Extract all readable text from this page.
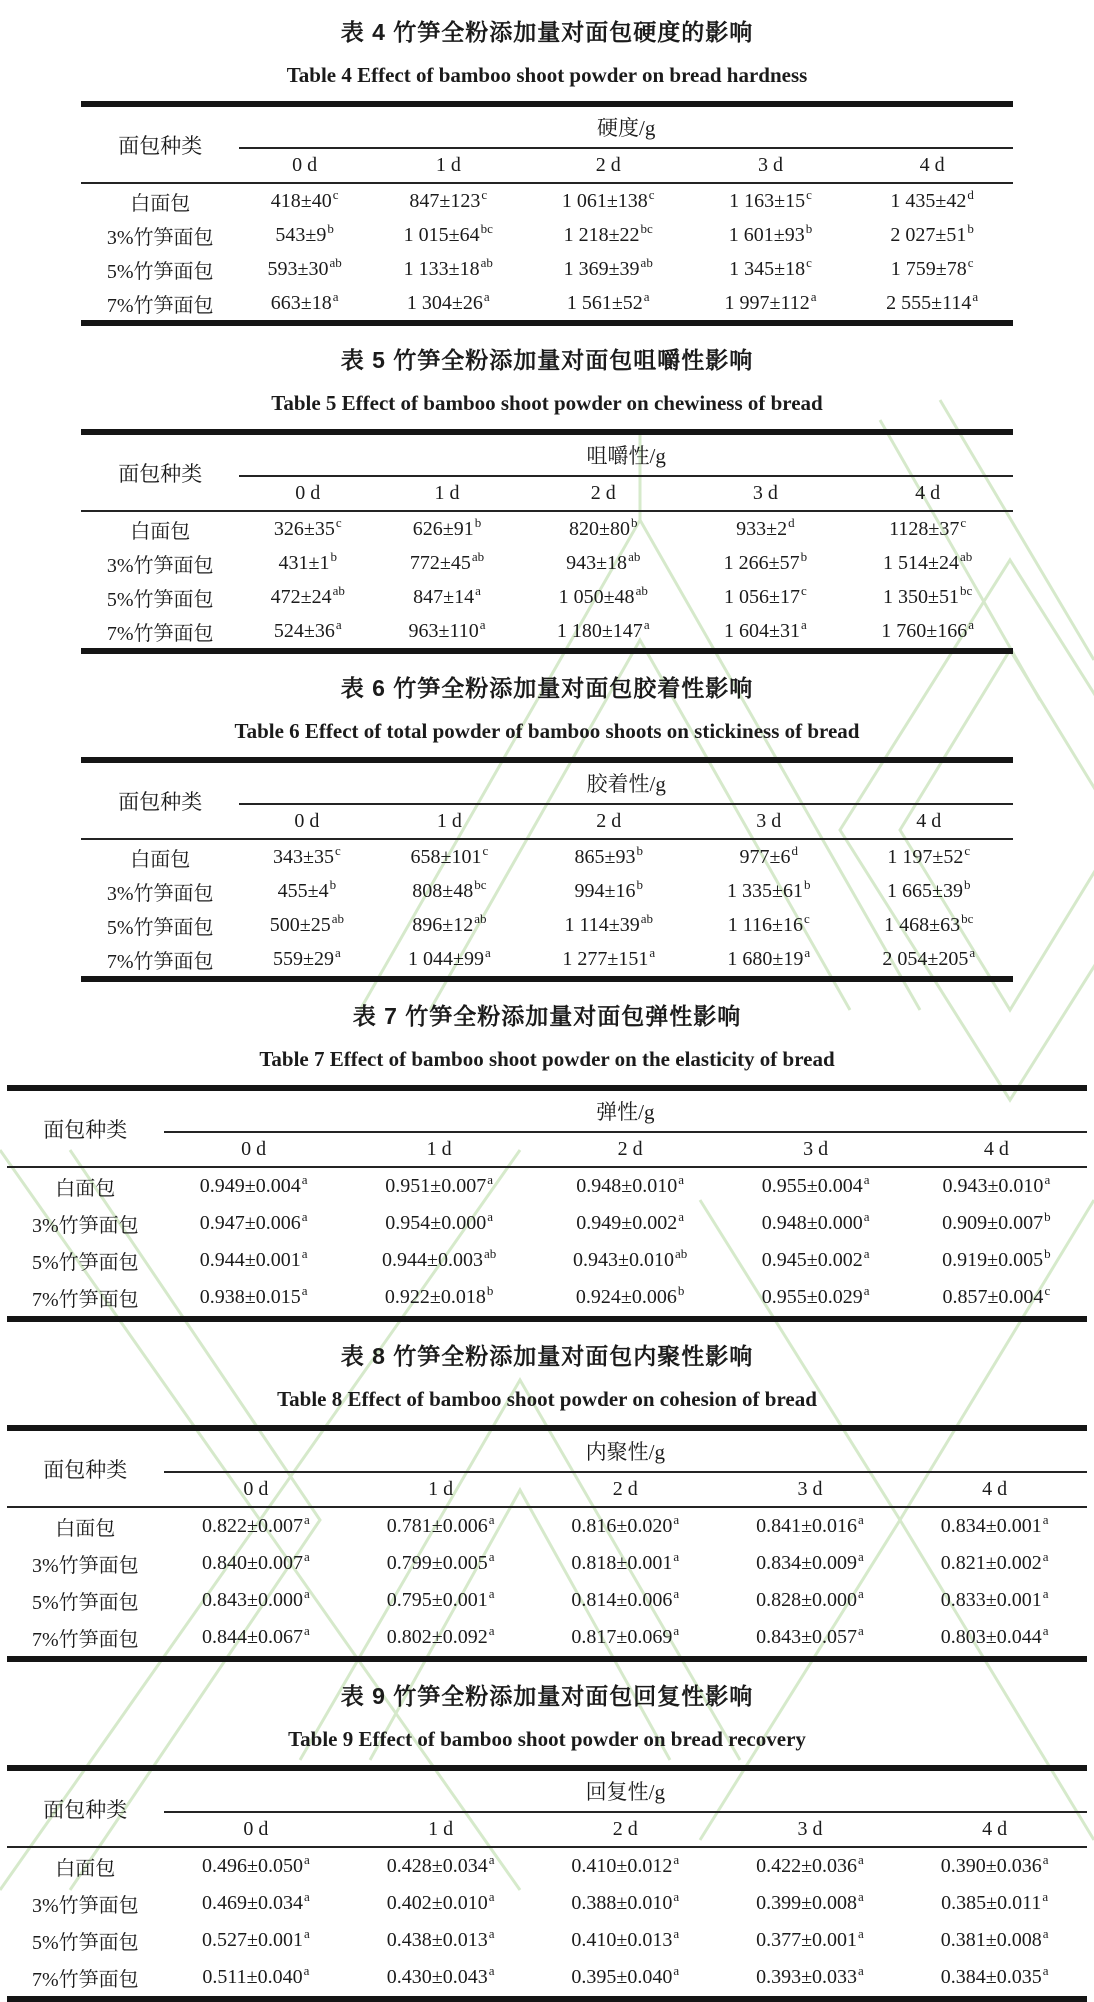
表 4 竹笋全粉添加量对面包硬度的影响
Table 4 Effect of bamboo shoot powder on bread hardness
面包种类	硬度/g				
	0 d	1 d	2 d	3 d	4 d
白面包	$418\pm 40^c$	$847\pm 123^c$	1 $061\pm 138^c$	1 $163\pm 15^c$	1 $435\pm 42^d$
3%竹笋面包	$543\pm 9^b$	1 $015\pm 64^{bc}$	1 $218\pm 22^{bc}$	1 $601\pm 93^b$	2 $027\pm 51^b$
5%竹笋面包	$593\pm 30^{ab}$	1 $133\pm 18^{ab}$	1 $369\pm 39^{ab}$	1 $345\pm 18^c$	1 $759\pm 78^c$
7%竹笋面包	$663\pm 18^a$	1 $304\pm 26^a$	1 $561\pm 52^a$	1 $997\pm 112^a$	2 $555\pm 114^a$
表 5 竹笋全粉添加量对面包咀嚼性影响
Table 5 Effect of bamboo shoot powder on chewiness of bread
面包种类	咀嚼性/g				
	0 d	1 d	2 d	3 d	4 d
白面包	$326\pm 35^c$	$626\pm 91^b$	$820\pm 80^b$	$933\pm 2^d$	$1128\pm 37^c$
3%竹笋面包	$431\pm 1^b$	$772\pm 45^{ab}$	$943\pm 18^{ab}$	1 $266\pm 57^b$	1 $514\pm 24^{ab}$
5%竹笋面包	$472\pm 24^{ab}$	$847\pm 14^a$	1 $050\pm 48^{ab}$	1 $056\pm 17^c$	1 $350\pm 51^{bc}$
7%竹笋面包	$524\pm 36^a$	$963\pm 110^a$	1 $180\pm 147^a$	1 $604\pm 31^a$	1 $760\pm 166^a$
表 6 竹笋全粉添加量对面包胶着性影响
Table 6 Effect of total powder of bamboo shoots on stickiness of bread
面包种类	胶着性/g				
	0 d	1 d	2 d	3 d	4 d
白面包	$343\pm 35^c$	$658\pm 101^c$	$865\pm 93^b$	$977\pm 6^d$	1 $197\pm 52^c$
3%竹笋面包	$455\pm 4^b$	$808\pm 48^{bc}$	$994\pm 16^b$	1 $335\pm 61^b$	1 $665\pm 39^b$
5%竹笋面包	$500\pm 25^{ab}$	$896\pm 12^{ab}$	1 $114\pm 39^{ab}$	1 $116\pm 16^c$	1 $468\pm 63^{bc}$
7%竹笋面包	$559\pm 29^a$	1 $044\pm 99^a$	1 $277\pm 151^a$	1 $680\pm 19^a$	2 $054\pm 205^a$
表 7 竹笋全粉添加量对面包弹性影响
Table 7 Effect of bamboo shoot powder on the elasticity of bread
面包种类	弹性/g				
	0 d	1 d	2 d	3 d	4 d
白面包	0.949±0.004$^a$	0.951±0.007$^a$	0.948±0.010$^a$	0.955±0.004$^a$	0.943±0.010$^a$
3%竹笋面包	0.947±0.006$^a$	0.954±0.000$^a$	0.949±0.002$^a$	0.948±0.000$^a$	0.909±0.007$^b$
5%竹笋面包	0.944±0.001$^a$	0.944±0.003$^{ab}$	0.943±0.010$^{ab}$	0.945±0.002$^a$	0.919±0.005$^b$
7%竹笋面包	0.938±0.015$^a$	0.922±0.018$^b$	0.924±0.006$^b$	0.955±0.029$^a$	0.857±0.004$^c$
表 8 竹笋全粉添加量对面包内聚性影响
Table 8 Effect of bamboo shoot powder on cohesion of bread
面包种类	内聚性/g				
	0 d	1 d	2 d	3 d	4 d
白面包	0.822±0.007$^a$	0.781±0.006$^a$	0.816±0.020$^a$	0.841±0.016$^a$	0.834±0.001$^a$
3%竹笋面包	0.840±0.007$^a$	0.799±0.005$^a$	0.818±0.001$^a$	0.834±0.009$^a$	0.821±0.002$^a$
5%竹笋面包	0.843±0.000$^a$	0.795±0.001$^a$	0.814±0.006$^a$	0.828±0.000$^a$	0.833±0.001$^a$
7%竹笋面包	0.844±0.067$^a$	0.802±0.092$^a$	0.817±0.069$^a$	0.843±0.057$^a$	0.803±0.044$^a$
表 9 竹笋全粉添加量对面包回复性影响
Table 9 Effect of bamboo shoot powder on bread recovery
面包种类	回复性/g				
	0 d	1 d	2 d	3 d	4 d
白面包	0.496±0.050$^a$	0.428±0.034$^a$	0.410±0.012$^a$	0.422±0.036$^a$	0.390±0.036$^a$
3%竹笋面包	0.469±0.034$^a$	0.402±0.010$^a$	0.388±0.010$^a$	0.399±0.008$^a$	0.385±0.011$^a$
5%竹笋面包	0.527±0.001$^a$	0.438±0.013$^a$	0.410±0.013$^a$	0.377±0.001$^a$	0.381±0.008$^a$
7%竹笋面包	0.511±0.040$^a$	0.430±0.043$^a$	0.395±0.040$^a$	0.393±0.033$^a$	0.384±0.035$^a$
